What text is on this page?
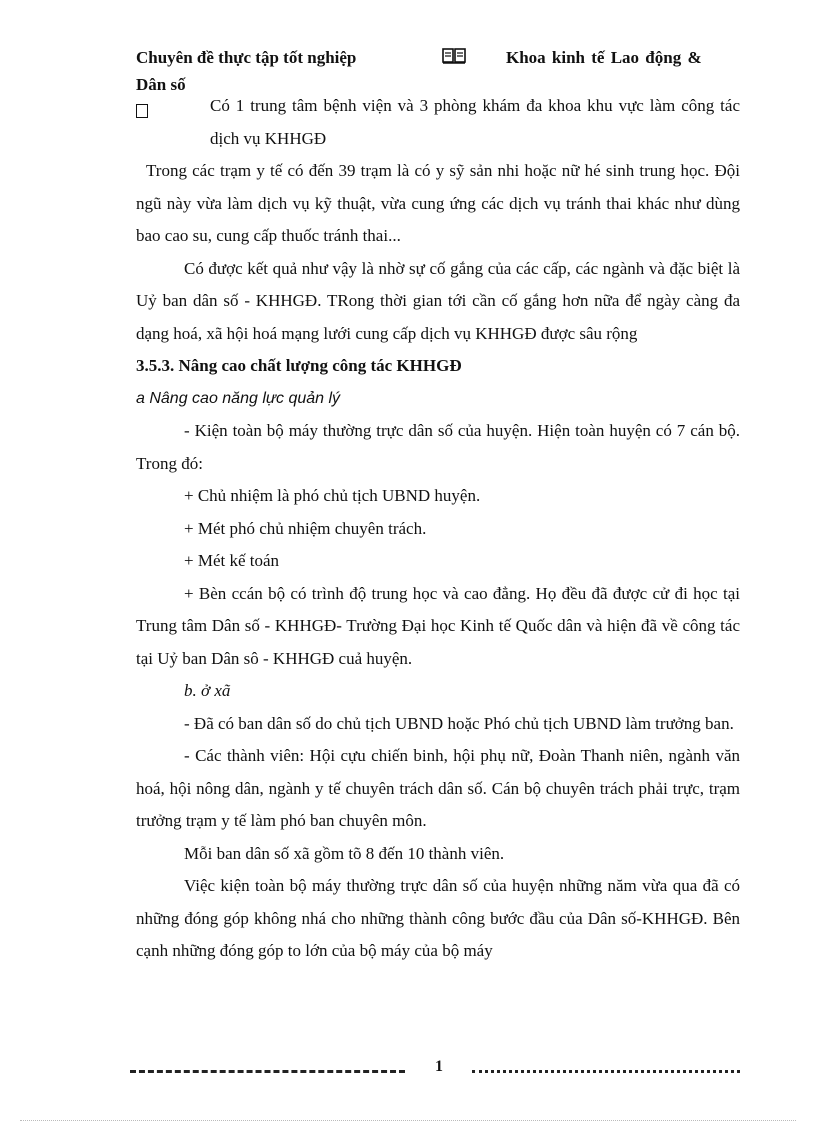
Chuyên đề thực tập tốt nghiệp	Khoa kinh tế Lao động &
Dân số

Có 1 trung tâm bệnh viện và 3 phòng khám đa khoa khu vực làm công tác dịch vụ KHHGĐ

Trong các trạm y tế có đến 39 trạm là có y sỹ sản nhi hoặc nữ hé sinh trung học. Đội ngũ này vừa làm dịch vụ kỹ thuật, vừa cung ứng các dịch vụ tránh thai khác như dùng bao cao su, cung cấp thuốc tránh thai...

Có được kết quả như vậy là nhờ sự cố gắng của các cấp, các ngành và đặc biệt là Uỷ ban dân số - KHHGĐ. TRong thời gian tới cần cố gắng hơn nữa để ngày càng đa dạng hoá, xã hội hoá mạng lưới cung cấp dịch vụ KHHGĐ được sâu rộng

3.5.3. Nâng cao chất lượng công tác KHHGĐ

a Nâng cao năng lực quản lý

- Kiện toàn bộ máy thường trực dân số của huyện. Hiện toàn huyện có 7 cán bộ. Trong đó:

+ Chủ nhiệm là phó chủ tịch UBND huyện.

+ Mét phó chủ nhiệm chuyên trách.

+ Mét kế toán

+ Bèn ccán bộ có trình độ trung học và cao đẳng. Họ đều đã được cử đi học tại Trung tâm Dân số - KHHGĐ- Trường Đại học Kinh tế Quốc dân và hiện đã về công tác tại Uỷ ban Dân sô - KHHGĐ cuả huyện.

b. ở xã

- Đã có ban dân số do chủ tịch UBND hoặc Phó chủ tịch UBND làm trưởng ban.

- Các thành viên: Hội cựu chiến binh, hội phụ nữ, Đoàn Thanh niên, ngành văn hoá, hội nông dân, ngành y tế chuyên trách dân số. Cán bộ chuyên trách phải trực, trạm trưởng trạm y tế làm phó ban chuyên môn.

Mỗi ban dân số xã gồm tõ 8 đến 10 thành viên.

Việc kiện toàn bộ máy thường trực dân số của huyện những năm vừa qua đã có những đóng góp không nhá cho những thành công bước đầu của Dân số-KHHGĐ. Bên cạnh những đóng góp to lớn của bộ máy của bộ máy

1
